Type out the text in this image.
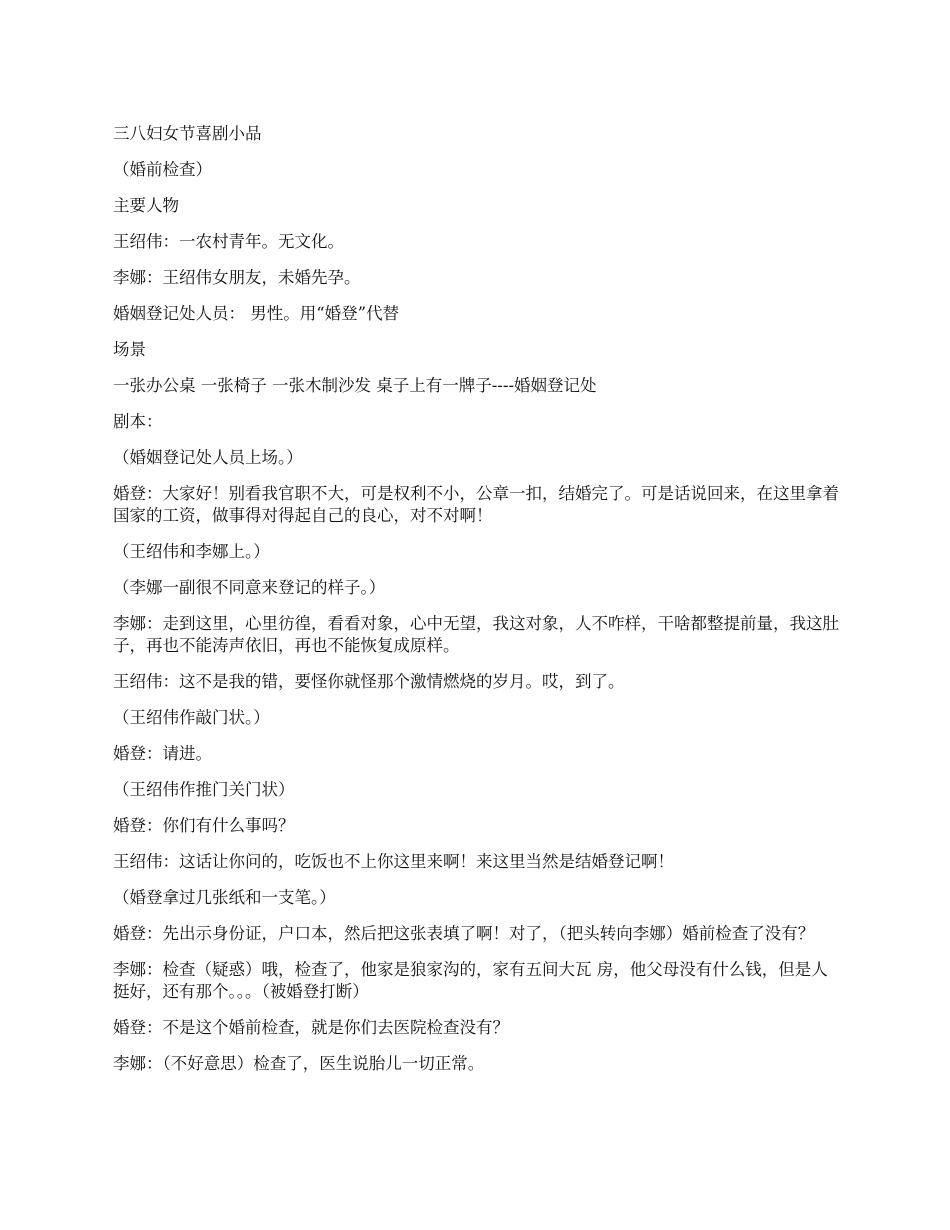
三八妇女节喜剧小品

（婚前检查）

主要人物

王绍伟：一农村青年。无文化。

李娜：王绍伟女朋友，未婚先孕。

婚姻登记处人员： 男性。用“婚登”代替

场景

一张办公桌 一张椅子 一张木制沙发 桌子上有一牌子----婚姻登记处

剧本：

（婚姻登记处人员上场。）

婚登：大家好！别看我官职不大，可是权利不小，公章一扣，结婚完了。可是话说回来，在这里拿着国家的工资，做事得对得起自己的良心，对不对啊！

（王绍伟和李娜上。）

（李娜一副很不同意来登记的样子。）

李娜：走到这里，心里彷徨，看看对象，心中无望，我这对象，人不咋样，干啥都整提前量，我这肚子，再也不能涛声依旧，再也不能恢复成原样。

王绍伟：这不是我的错，要怪你就怪那个激情燃烧的岁月。哎，到了。

（王绍伟作敲门状。）

婚登：请进。

（王绍伟作推门关门状）

婚登：你们有什么事吗？

王绍伟：这话让你问的，吃饭也不上你这里来啊！来这里当然是结婚登记啊！

（婚登拿过几张纸和一支笔。）

婚登：先出示身份证，户口本，然后把这张表填了啊！对了，（把头转向李娜）婚前检查了没有？

李娜：检查（疑惑）哦，检查了，他家是狼家沟的，家有五间大瓦 房，他父母没有什么钱，但是人挺好，还有那个。。。（被婚登打断）

婚登：不是这个婚前检查，就是你们去医院检查没有？

李娜：（不好意思）检查了，医生说胎儿一切正常。
